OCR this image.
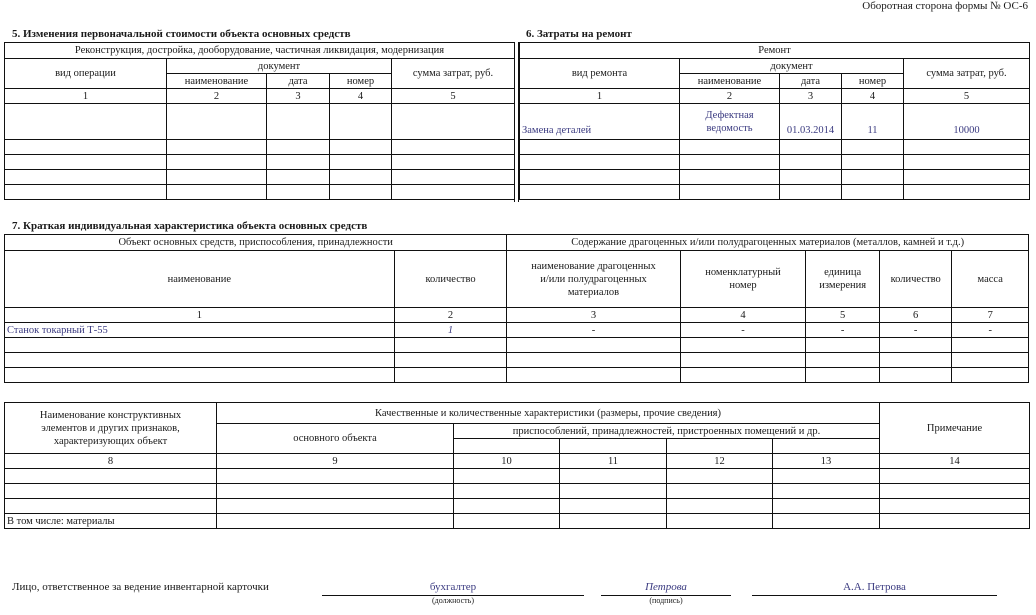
Оборотная сторона формы № ОС-6
5. Изменения первоначальной стоимости объекта основных средств	6. Затраты на ремонт
Реконструкция, достройка, дооборудование, частичная ликвидация, модернизация				
вид операции	документ			сумма затрат, руб.
	наименование	дата	номер	
1	2	3	4	5

Ремонт				
вид ремонта	документ			сумма затрат, руб.
	наименование	дата	номер	
1	2	3	4	5
Замена деталей	Дефектная ведомость	01.03.2014	11	10000

7. Краткая индивидуальная характеристика объекта основных средств
Объект основных средств, приспособления, принадлежности		Содержание драгоценных и/или полудрагоценных материалов (металлов, камней и т.д.)				
наименование	количество	наименование драгоценных и/или полудрагоценных материалов	номенклатурный номер	единица измерения	количество	масса
1	2	3	4	5	6	7
Станок токарный Т-55	1	-	-	-	-	-

Наименование конструктивных элементов и других признаков, характеризующих объект	Качественные и количественные характеристики (размеры, прочие сведения)					Примечание
	основного объекта	приспособлений, принадлежностей, пристроенных помещений и др.				

8	9	10	11	12	13	14

В том числе: материалы						
Лицо, ответственное за ведение инвентарной карточки	бухгалтер
(должность)
Петрова
(подпись)
А.А. Петрова
